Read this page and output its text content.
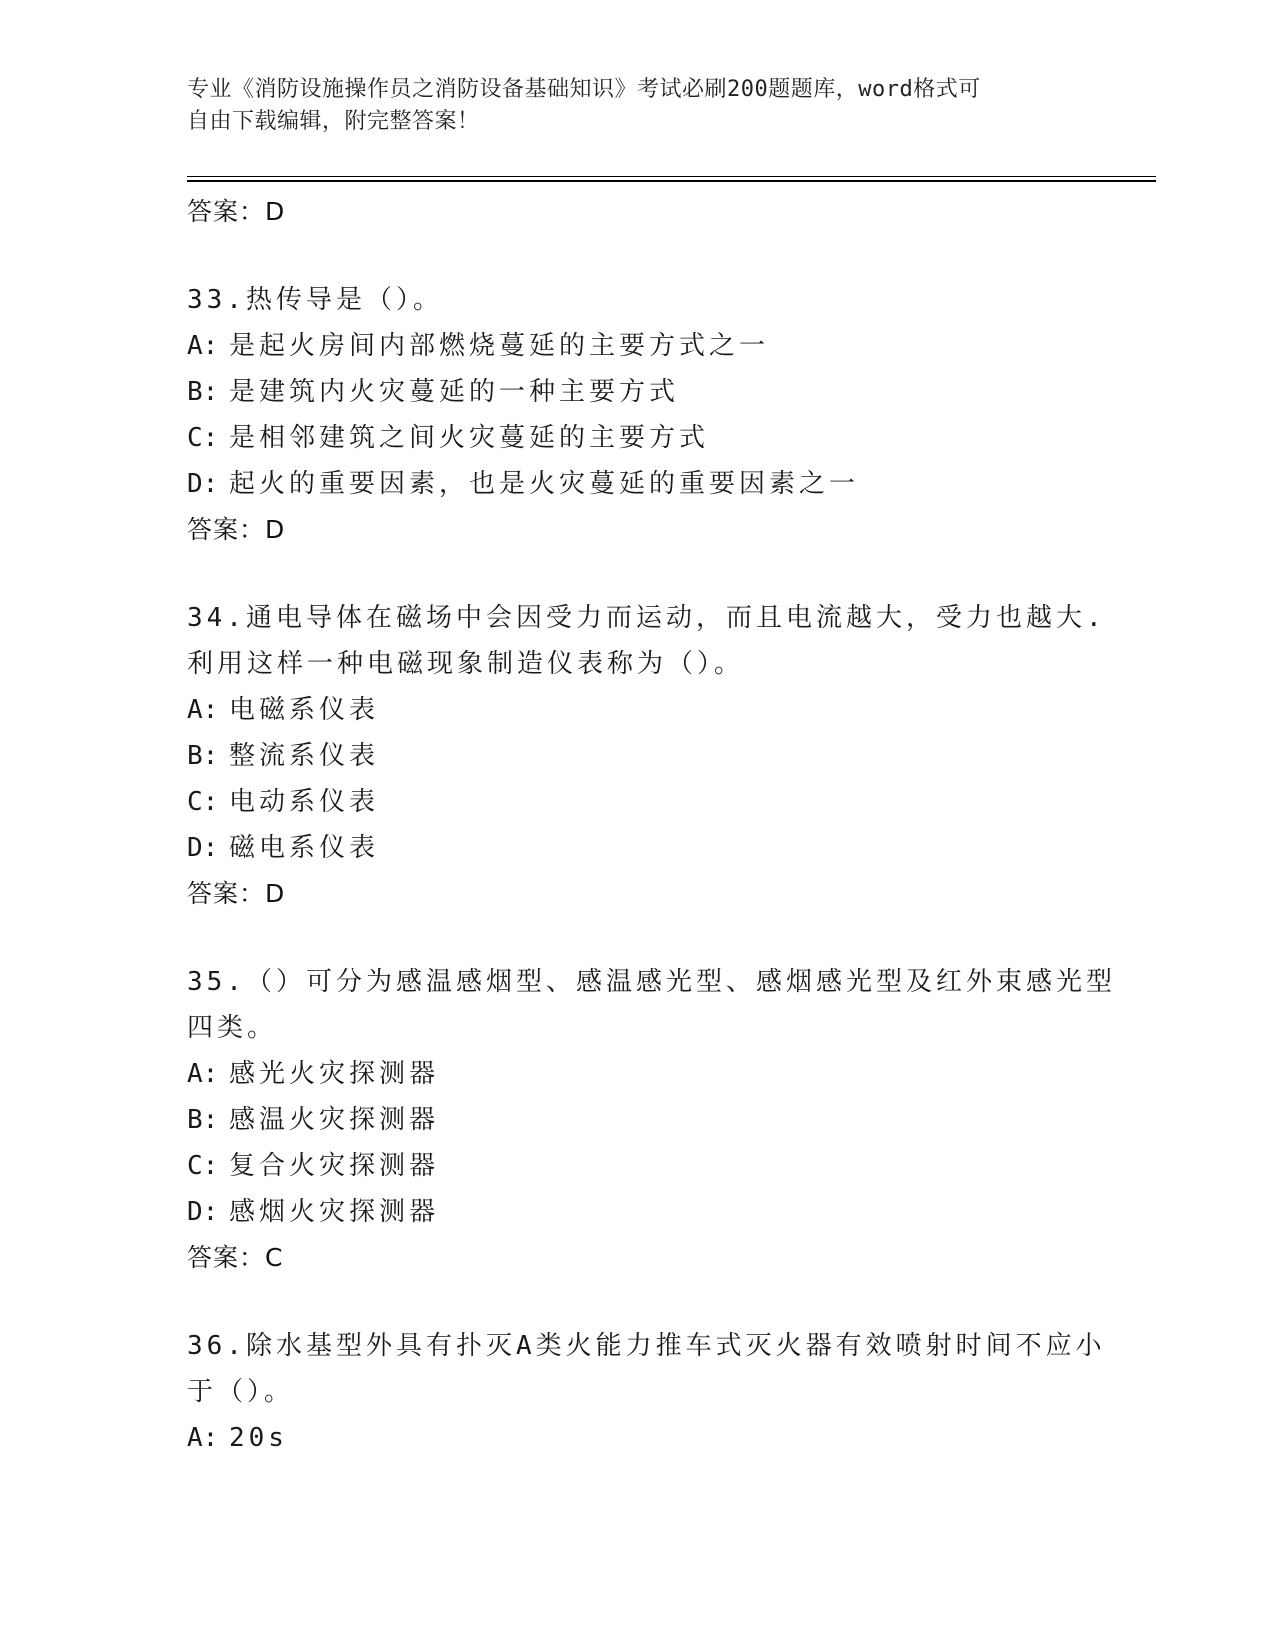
专业《消防设施操作员之消防设备基础知识》考试必刷200题题库，word格式可
自由下载编辑，附完整答案！
答案：D
33.热传导是（）。
A: 是起火房间内部燃烧蔓延的主要方式之一
B: 是建筑内火灾蔓延的一种主要方式
C: 是相邻建筑之间火灾蔓延的主要方式
D: 起火的重要因素，也是火灾蔓延的重要因素之一
答案：D
34.通电导体在磁场中会因受力而运动，而且电流越大，受力也越大.
利用这样一种电磁现象制造仪表称为（）。
A: 电磁系仪表
B: 整流系仪表
C: 电动系仪表
D: 磁电系仪表
答案：D
35.（）可分为感温感烟型、感温感光型、感烟感光型及红外束感光型
四类。
A: 感光火灾探测器
B: 感温火灾探测器
C: 复合火灾探测器
D: 感烟火灾探测器
答案：C
36.除水基型外具有扑灭A类火能力推车式灭火器有效喷射时间不应小
于（）。
A: 20s
